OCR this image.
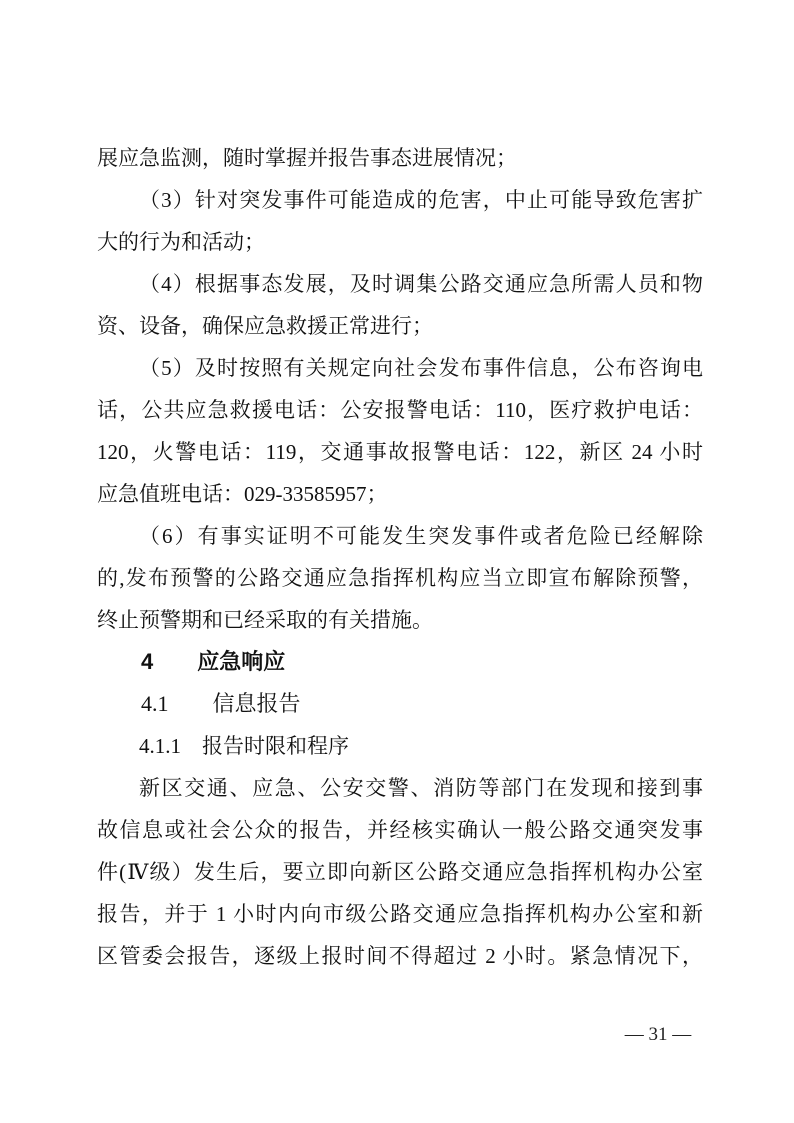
展应急监测，随时掌握并报告事态进展情况；
（3）针对突发事件可能造成的危害，中止可能导致危害扩
大的行为和活动；
（4）根据事态发展，及时调集公路交通应急所需人员和物
资、设备，确保应急救援正常进行；
（5）及时按照有关规定向社会发布事件信息，公布咨询电
话，公共应急救援电话：公安报警电话：110，医疗救护电话：
120，火警电话：119，交通事故报警电话：122，新区 24 小时
应急值班电话：029-33585957；
（6）有事实证明不可能发生突发事件或者危险已经解除
的,发布预警的公路交通应急指挥机构应当立即宣布解除预警，
终止预警期和已经采取的有关措施。
4　　应急响应
4.1　　信息报告
4.1.1　报告时限和程序
新区交通、应急、公安交警、消防等部门在发现和接到事
故信息或社会公众的报告，并经核实确认一般公路交通突发事
件(Ⅳ级）发生后，要立即向新区公路交通应急指挥机构办公室
报告，并于 1 小时内向市级公路交通应急指挥机构办公室和新
区管委会报告，逐级上报时间不得超过 2 小时。紧急情况下，
— 31 —
